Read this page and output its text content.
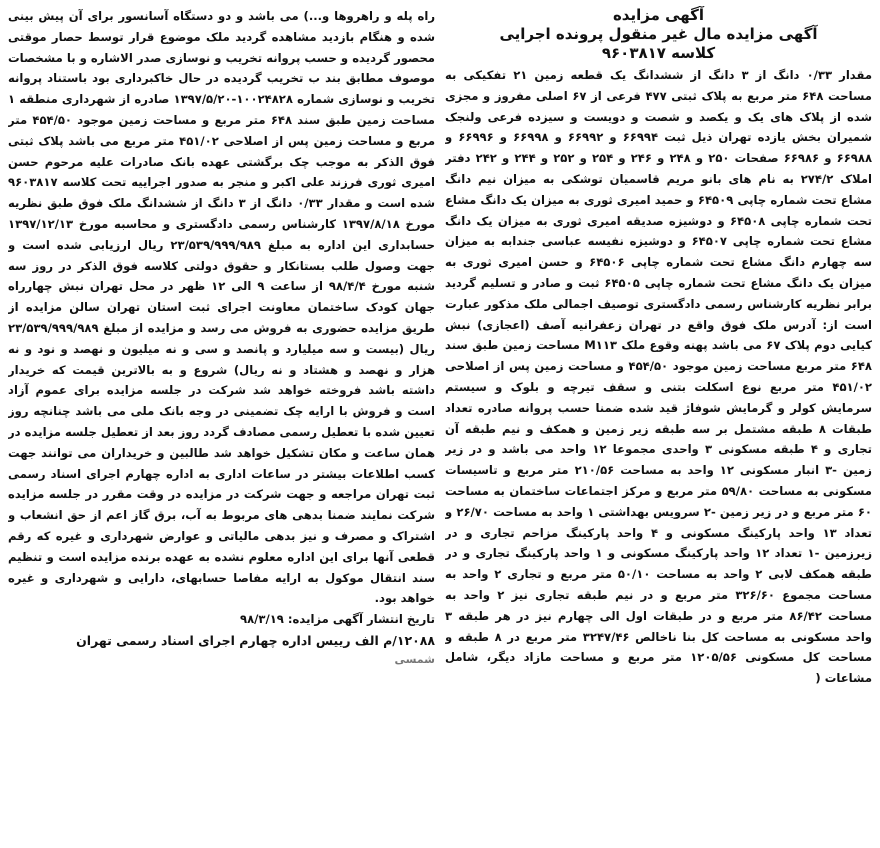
آگهی مزایده

آگهی مزایده مال غیر منقول پرونده اجرایی

کلاسه ۹۶۰۳۸۱۷

مقدار ۰/۳۳ دانگ از ۳ دانگ از ششدانگ یک قطعه زمین ۲۱ تفکیکی به مساحت ۶۴۸ متر مربع به پلاک ثبتی ۴۷۷ فرعی از ۶۷ اصلی مفروز و مجزی شده از پلاک های یک و یکصد و شصت و دویست و سیزده فرعی ولنجک شمیران بخش یازده تهران ذیل ثبت ۶۶۹۹۴ و ۶۶۹۹۲ و ۶۶۹۹۸ و ۶۶۹۹۶ و ۶۶۹۸۸ و ۶۶۹۸۶ صفحات ۲۵۰ و ۲۴۸ و ۲۴۶ و ۲۵۴ و ۲۵۲ و ۲۴۴ و ۲۴۲ دفتر املاک ۲۷۴/۲ به نام های بانو مریم قاسمیان توشکی به میزان نیم دانگ مشاع تحت شماره چاپی ۶۴۵۰۹ و حمید امیری ثوری به میزان یک دانگ مشاع تحت شماره چاپی ۶۴۵۰۸ و دوشیزه صدیقه امیری ثوری به میزان یک دانگ مشاع تحت شماره چاپی ۶۴۵۰۷ و دوشیزه نفیسه عباسی جندابه به میزان سه چهارم دانگ مشاع تحت شماره چاپی ۶۴۵۰۶ و حسن امیری ثوری به میزان یک دانگ مشاع تحت شماره چاپی ۶۴۵۰۵ ثبت و صادر و تسلیم گردید برابر نظریه کارشناس رسمی دادگستری توصیف اجمالی ملک مذکور عبارت است از: آدرس ملک فوق واقع در تهران زعفرانیه آصف (اعجازی) نبش کیایی دوم پلاک ۶۷ می باشد پهنه وقوع ملک M۱۱۳ مساحت زمین طبق سند ۶۴۸ متر مربع مساحت زمین موجود ۴۵۴/۵۰ و مساحت زمین پس از اصلاحی ۴۵۱/۰۲ متر مربع نوع اسکلت بتنی و سقف تیرچه و بلوک و سیستم سرمایش کولر و گرمایش شوفاژ قید شده ضمنا حسب پروانه صادره تعداد طبقات ۸ طبقه مشتمل بر سه طبقه زیر زمین و همکف و نیم طبقه آن تجاری و ۴ طبقه مسکونی ۳ واحدی مجموعا ۱۲ واحد می باشد و در زیر زمین -۳ انبار مسکونی ۱۲ واحد به مساحت ۲۱۰/۵۶ متر مربع و تاسیسات مسکونی به مساحت ۵۹/۸۰ متر مربع و مرکز اجتماعات ساختمان به مساحت ۶۰ متر مربع و در زیر زمین -۲ سرویس بهداشتی ۱ واحد به مساحت ۲۶/۷۰ و تعداد ۱۳ واحد پارکینگ مسکونی و ۴ واحد پارکینگ مزاحم تجاری و در زیرزمین -۱ تعداد ۱۲ واحد پارکینگ مسکونی و ۱ واحد پارکینگ تجاری و در طبقه همکف لابی ۲ واحد به مساحت ۵۰/۱۰ متر مربع و تجاری ۲ واحد به مساحت مجموع ۳۲۶/۶۰ متر مربع و در نیم طبقه تجاری نیز ۲ واحد به مساحت ۸۶/۴۲ متر مربع و در طبقات اول الی چهارم نیز در هر طبقه ۳ واحد مسکونی به مساحت کل بنا ناخالص ۳۲۴۷/۴۶ متر مربع در ۸ طبقه و مساحت کل مسکونی ۱۲۰۵/۵۶ متر مربع و مساحت مازاد دیگر، شامل مشاعات (

راه پله و راهروها و...) می باشد و دو دستگاه آسانسور برای آن پیش بینی شده و هنگام بازدید مشاهده گردید ملک موضوع قرار توسط حصار موقتی محصور گردیده و حسب پروانه تخریب و نوسازی صدر الاشاره و با مشخصات موصوف مطابق بند ب تخریب گردیده در حال خاکبرداری بود باستناد پروانه تخریب و نوسازی شماره ۱۰۰۲۴۸۲۸-۱۳۹۷/۵/۲۰ صادره از شهرداری منطقه ۱ مساحت زمین طبق سند ۶۴۸ متر مربع و مساحت زمین موجود ۴۵۴/۵۰ متر مربع و مساحت زمین پس از اصلاحی ۴۵۱/۰۲ متر مربع می باشد پلاک ثبتی فوق الذکر به موجب چک برگشتی عهده بانک صادرات علیه مرحوم حسن امیری ثوری فرزند علی اکبر و منجر به صدور اجراییه تحت کلاسه ۹۶۰۳۸۱۷ شده است و مقدار ۰/۳۳ دانگ از ۳ دانگ از ششدانگ ملک فوق طبق نظریه مورخ ۱۳۹۷/۸/۱۸ کارشناس رسمی دادگستری و محاسبه مورخ ۱۳۹۷/۱۲/۱۳ حسابداری این اداره به مبلغ ۲۳/۵۳۹/۹۹۹/۹۸۹ ریال ارزیابی شده است و جهت وصول طلب بستانکار و حقوق دولتی کلاسه فوق الذکر در روز سه شنبه مورخ ۹۸/۴/۴ از ساعت ۹ الی ۱۲ ظهر در محل تهران نبش چهارراه جهان کودک ساختمان معاونت اجرای ثبت استان تهران سالن مزایده از طریق مزایده حضوری به فروش می رسد و مزایده از مبلغ ۲۳/۵۳۹/۹۹۹/۹۸۹ ریال (بیست و سه میلیارد و پانصد و سی و نه میلیون و نهصد و نود و نه هزار و نهصد و هشتاد و نه ریال) شروع و به بالاترین قیمت که خریدار داشته باشد فروخته خواهد شد شرکت در جلسه مزایده برای عموم آزاد است و فروش با ارایه چک تضمینی در وجه بانک ملی می باشد چنانچه روز تعیین شده با تعطیل رسمی مصادف گردد روز بعد از تعطیل جلسه مزایده در همان ساعت و مکان تشکیل خواهد شد طالبین و خریداران می توانند جهت کسب اطلاعات بیشتر در ساعات اداری به اداره چهارم اجرای اسناد رسمی ثبت تهران مراجعه و جهت شرکت در مزایده در وقت مقرر در جلسه مزایده شرکت نمایند ضمنا بدهی های مربوط به آب، برق گاز اعم از حق انشعاب و اشتراک و مصرف و نیز بدهی مالیاتی و عوارض شهرداری و غیره که رقم قطعی آنها برای این اداره معلوم نشده به عهده برنده مزایده است و تنظیم سند انتقال موکول به ارایه مفاصا حسابهای، دارایی و شهرداری و غیره خواهد بود.

تاریخ انتشار آگهی مزایده: ۹۸/۳/۱۹

۱۲۰۸۸/م الف رییس اداره چهارم اجرای اسناد رسمی تهران

شمسی
